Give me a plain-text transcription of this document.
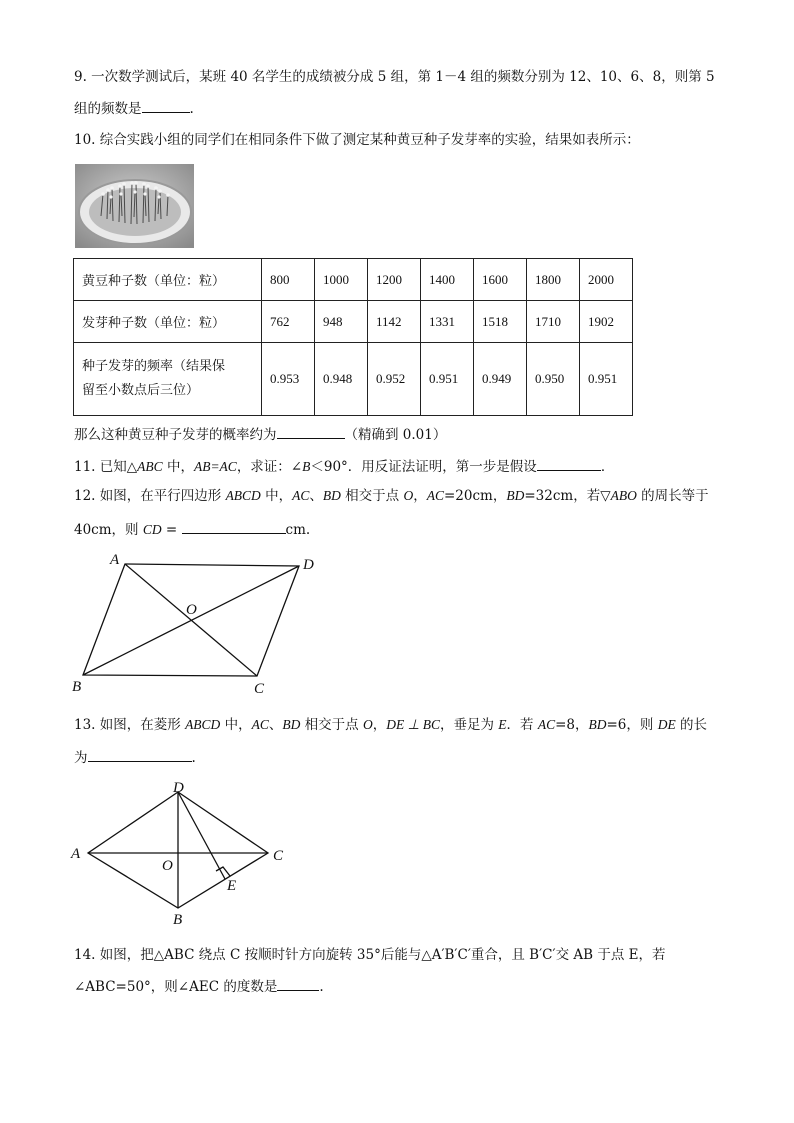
9. 一次数学测试后，某班 40 名学生的成绩被分成 5 组，第 1－4 组的频数分别为 12、10、6、8，则第 5
组的频数是	.
10. 综合实践小组的同学们在相同条件下做了测定某种黄豆种子发芽率的实验，结果如表所示：
黄豆种子数（单位：粒）	800	1000	1200	1400	1600	1800	2000
发芽种子数（单位：粒）	762	948	1142	1331	1518	1710	1902

种子发芽的频率（结果保
留至小数点后三位）	0.953	0.948	0.952	0.951	0.949	0.950	0.951
那么这种黄豆种子发芽的概率约为	（精确到 0.01）
11. 已知△ABC 中，AB=AC，求证：∠B＜90°．用反证法证明，第一步是假设	．
12. 如图，在平行四边形 ABCD 中，AC、BD 相交于点 O，AC=20cm，BD=32cm，若▽ABO 的周长等于
40cm，则 CD =	cm.
A	D
O
B	C
13. 如图，在菱形 ABCD 中，AC、BD 相交于点 O，DE ⊥ BC，垂足为 E．若 AC=8，BD=6，则 DE 的长
为	.
D
A	C
O
E
B
14. 如图，把△ABC 绕点 C 按顺时针方向旋转 35°后能与△A′B′C′重合，且 B′C′交 AB 于点 E，若
∠ABC=50°，则∠AEC 的度数是	.
